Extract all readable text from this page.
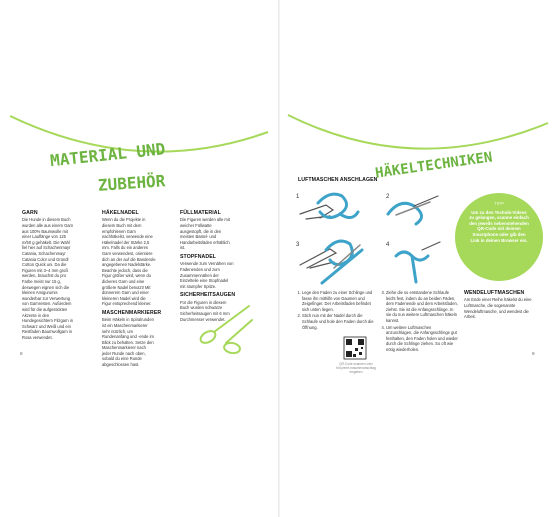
MATERIAL UND
ZUBEHÖR
HÄKELTECHNIKEN
1
3
2
4
GARN

Die Hunde in diesem Buch wurden alle aus einem Garn aus 100% Baumwolle mit einer Lauflänge von 125 m/50 g gehäkelt. Die Wahl fiel hier auf Schachenmayr Catania, Schachenmayr Catania Color und Gründl Cotton Quick uni. Da die Figuren mit 3–4 mm groß werden, brauchst du pro Farbe meist nur 15 g, deswegen eignen sich die kleinen Amigurumis wunderbar zur Verwertung von Garnresten. Außerdem wird für die aufgestickten Akzente in den Hundegesichtern Filzgarn in Schwarz und Weiß und ein Restfaden Baumwollgarn in Rosa verwendet.

HÄKELNADEL

Wenn du die Projekte in diesem Buch mit dem empfohlenen Garn nachhäkelst, verwende eine Häkelnadel der Stärke 2,5 mm. Falls du ein anderes Garn verwendest, orientiere dich an der auf die Banderole angegebenen Nadelstärke. Beachte jedoch, dass die Figur größer wird, wenn du dickeres Garn und eine größere Nadel benutzt! Mit dünnerem Garn und einer kleineren Nadel wird die Figur entsprechend kleiner.

MASCHENMARKIERER

Beim Häkeln in Spiralrunden ist ein Maschenmarkierer sehr nützlich, um Rundenanfang und -ende im Blick zu behalten. Setze den Maschenmarkierer nach jeder Runde nach oben, sobald du eine Runde abgeschlossen hast.

FÜLLMATERIAL

Die Figuren werden alle mit weicher Füllwatte ausgestopft, die in den meisten Bastel- und Handarbeitsläden erhältlich ist.

STOPFNADEL

Verwende zum Vernähen von Fadenenden und zum Zusammennähen der Einzelteile eine Stopfnadel mit stumpfer Spitze.

SICHERHEITSAUGEN

Für die Figuren in diesem Buch wurden schwarze Sicherheitsaugen mit 6 mm Durchmesser verwendet.

8
LUFTMASCHEN ANSCHLAGEN
1. Lege den Faden zu einer Schlinge und fasse ihn mithilfe von Daumen und Zeigefinger. Der Arbeitsfaden befindet sich unten liegen.
2. Stich nun mit der Nadel durch die Schlaufe und hole den Faden durch die Öffnung.
3. Ziehe die so entstandene Schlaufe leicht fest, indem du an beiden Fäden, dem Fadenende und dem Arbeitsfaden, ziehst. Sie ist die Anfangsschlinge. In sie du nun weitere Luftmaschen häkeln kannst.
4. Um weitere Luftmaschen anzuschlagen, die Anfangsschlinge gut festhalten, den Faden holen und wieder durch die Schlinge ziehen. So oft wie nötig wiederholen.
QR-Code scannen oder bit.ly/emf-maschenanschlag eingeben
TIPP
Um zu den Technik-Videos zu gelangen, scanne einfach den jeweils nebenstehenden QR-Code mit deinem Smartphone oder gib den Link in deinen Browser ein.
WENDELUFTMASCHEN

Am Ende einer Reihe häkelst du eine Luftmasche, die sogenannte Wendeluftmasche, und wendest die Arbeit.

9
